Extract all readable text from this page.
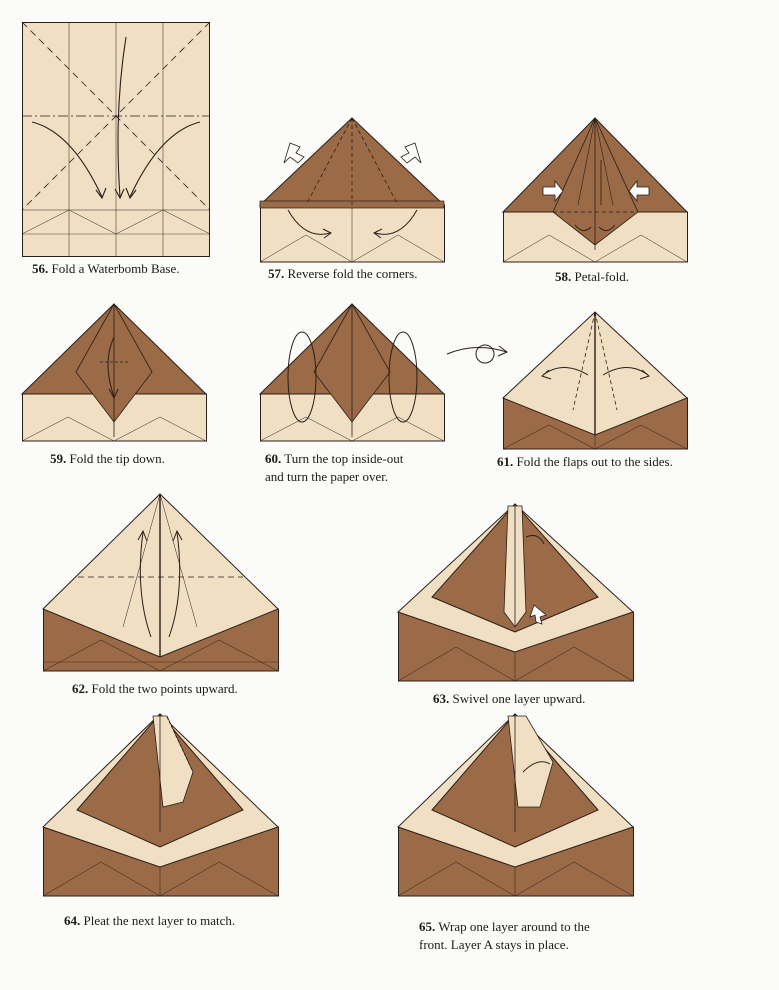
56. Fold a Waterbomb Base.	57. Reverse fold the corners.	58. Petal-fold.
59. Fold the tip down.	60. Turn the top inside-out
and turn the paper over.
61. Fold the flaps out to the sides.
62. Fold the two points upward.
63. Swivel one layer upward.
64. Pleat the next layer to match.	65. Wrap one layer around to the
front. Layer A stays in place.
